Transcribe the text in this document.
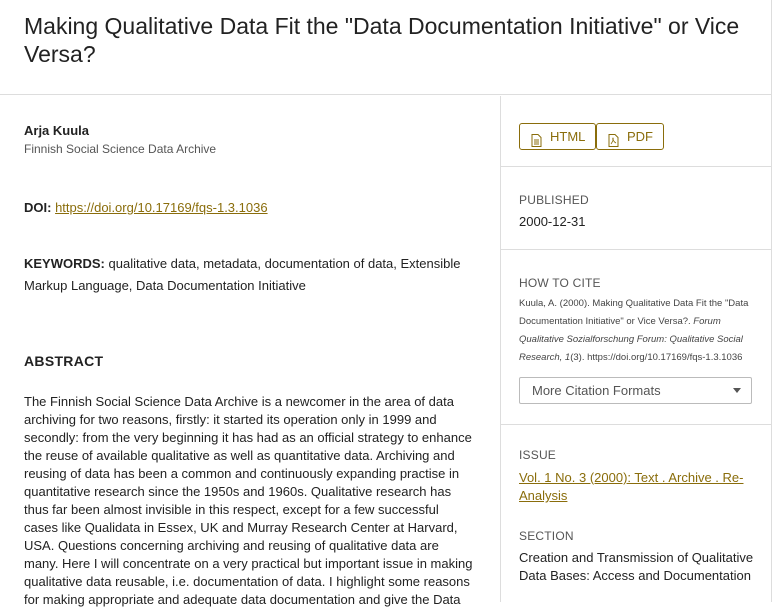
Making Qualitative Data Fit the "Data Documentation Initiative" or Vice Versa?
Arja Kuula
Finnish Social Science Data Archive
DOI: https://doi.org/10.17169/fqs-1.3.1036
KEYWORDS: qualitative data, metadata, documentation of data, Extensible Markup Language, Data Documentation Initiative
ABSTRACT

The Finnish Social Science Data Archive is a newcomer in the area of data archiving for two reasons, firstly: it started its operation only in 1999 and secondly: from the very beginning it has had as an official strategy to enhance the reuse of available qualitative as well as quantitative data. Archiving and reusing of data has been a common and continuously expanding practise in quantitative research since the 1950s and 1960s. Qualitative research has thus far been almost invisible in this respect, except for a few successful cases like Qualidata in Essex, UK and Murray Research Center at Harvard, USA. Questions concerning archiving and reusing of qualitative data are many. Here I will concentrate on a very practical but important issue in making qualitative data reusable, i.e. documentation of data. I highlight some reasons for making appropriate and adequate data documentation and give the Data

HTML	PDF
PUBLISHED
2000-12-31
HOW TO CITE
Kuula, A. (2000). Making Qualitative Data Fit the "Data Documentation Initiative" or Vice Versa?. Forum Qualitative Sozialforschung Forum: Qualitative Social Research, 1(3). https://doi.org/10.17169/fqs-1.3.1036
More Citation Formats
ISSUE
Vol. 1 No. 3 (2000): Text . Archive . Re-Analysis
SECTION
Creation and Transmission of Qualitative Data Bases: Access and Documentation
